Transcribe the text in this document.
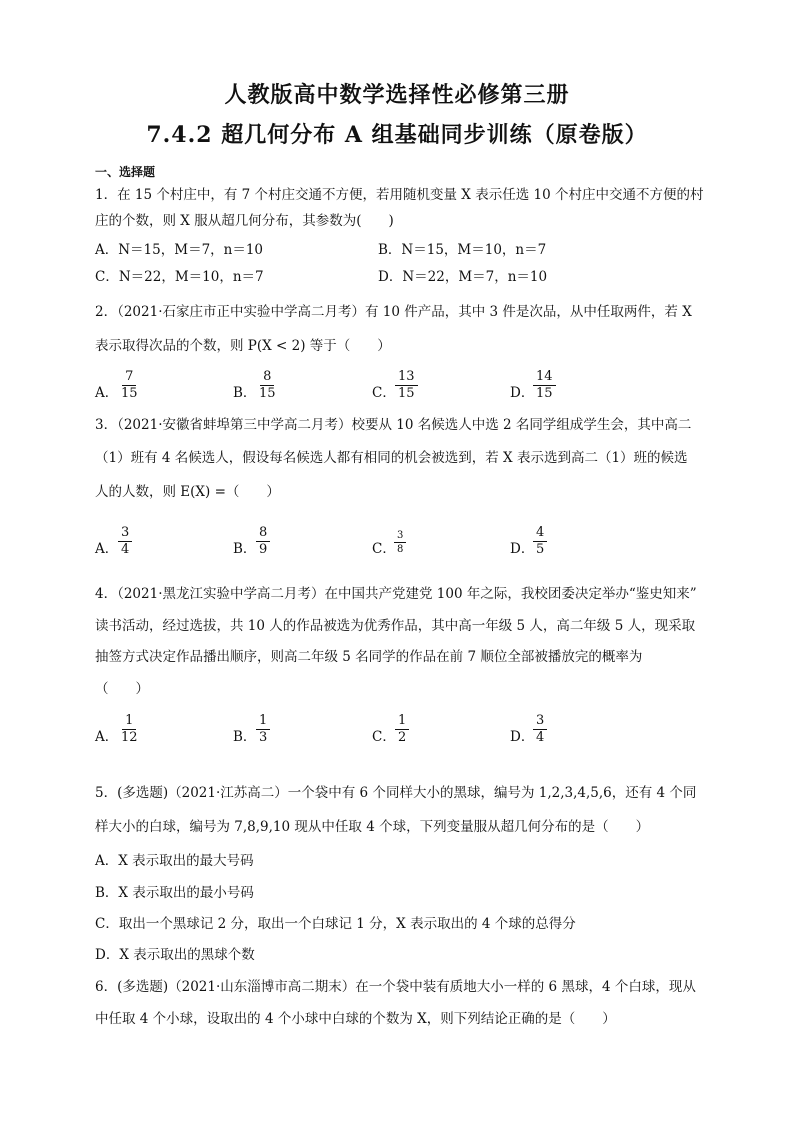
人教版高中数学选择性必修第三册
7.4.2 超几何分布 A 组基础同步训练（原卷版）
一、选择题
1．在 15 个村庄中，有 7 个村庄交通不方便，若用随机变量 X 表示任选 10 个村庄中交通不方便的村
庄的个数，则 X 服从超几何分布，其参数为(　　)
A．N＝15，M＝7，n＝10	B．N＝15，M＝10，n＝7
C．N＝22，M＝10，n＝7	D．N＝22，M＝7，n＝10
2．（2021·石家庄市正中实验中学高二月考）有 10 件产品，其中 3 件是次品，从中任取两件，若 X
表示取得次品的个数，则 P(X < 2) 等于（　　）
A． $\frac{7}{15}$	B． $\frac{8}{15}$	C． $\frac{13}{15}$	D．
$\frac{14}{15}$
3．（2021·安徽省蚌埠第三中学高二月考）校要从 10 名候选人中选 2 名同学组成学生会，其中高二
（1）班有 4 名候选人，假设每名候选人都有相同的机会被选到，若 X 表示选到高二（1）班的候选
人的人数，则 E(X) =（　　）
A． $\frac{3}{4}$	B． $\frac{8}{9}$	C．
$\frac{3}{8}$	D．
$\frac{4}{5}$
4．（2021·黑龙江实验中学高二月考）在中国共产党建党 100 年之际，我校团委决定举办“鉴史知来”
读书活动，经过选拔，共 10 人的作品被选为优秀作品，其中高一年级 5 人，高二年级 5 人，现采取
抽签方式决定作品播出顺序，则高二年级 5 名同学的作品在前 7 顺位全部被播放完的概率为
（　　）
A． $\frac{1}{12}$	B． $\frac{1}{3}$	C． $\frac{1}{2}$	D．
$\frac{3}{4}$
5．(多选题)（2021·江苏高二）一个袋中有 6 个同样大小的黑球，编号为 1,2,3,4,5,6，还有 4 个同
样大小的白球，编号为 7,8,9,10 现从中任取 4 个球，下列变量服从超几何分布的是（　　）
A．X 表示取出的最大号码
B．X 表示取出的最小号码
C．取出一个黑球记 2 分，取出一个白球记 1 分，X 表示取出的 4 个球的总得分
D．X 表示取出的黑球个数
6．(多选题)（2021·山东淄博市高二期末）在一个袋中装有质地大小一样的 6 黑球，4 个白球，现从
中任取 4 个小球，设取出的 4 个小球中白球的个数为 X，则下列结论正确的是（　　）
